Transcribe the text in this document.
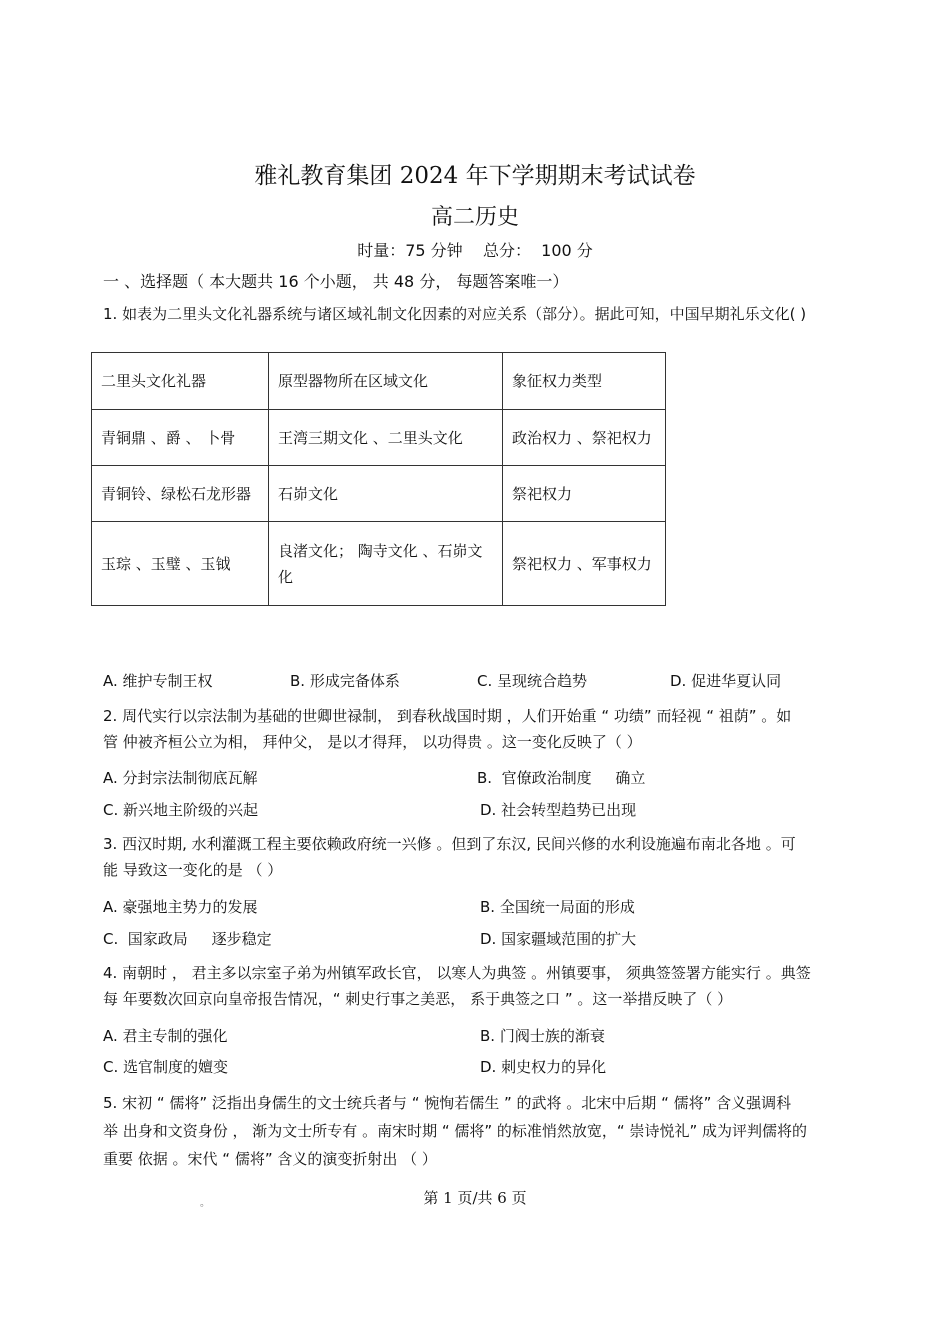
雅礼教育集团 2024 年下学期期末考试试卷
高二历史
时量：75 分钟    总分：  100 分
一 、选择题（ 本大题共 16 个小题， 共 48 分， 每题答案唯一）
1. 如表为二里头文化礼器系统与诸区域礼制文化因素的对应关系（部分）。据此可知，中国早期礼乐文化( )
二里头文化礼器	原型器物所在区域文化	象征权力类型
青铜鼎 、爵 、 卜骨	王湾三期文化 、二里头文化	政治权力 、祭祀权力
青铜铃、绿松石龙形器	石峁文化	祭祀权力
玉琮 、玉璧 、玉钺	良渚文化； 陶寺文化 、石峁文 化	祭祀权力 、军事权力
A. 维护专制王权	B. 形成完备体系	C. 呈现统合趋势	D. 促进华夏认同
2. 周代实行以宗法制为基础的世卿世禄制， 到春秋战国时期 ，人们开始重 “ 功绩” 而轻视 “ 祖荫” 。如
管 仲被齐桓公立为相， 拜仲父， 是以才得拜， 以功得贵 。这一变化反映了（ ）
A. 分封宗法制彻底瓦解	B.  官僚政治制度     确立
C. 新兴地主阶级的兴起	D. 社会转型趋势已出现
3. 西汉时期, 水利灌溉工程主要依赖政府统一兴修 。但到了东汉, 民间兴修的水利设施遍布南北各地 。可
能 导致这一变化的是 （ ）
A. 豪强地主势力的发展	B. 全国统一局面的形成
C.  国家政局     逐步稳定	D. 国家疆域范围的扩大
4. 南朝时 ， 君主多以宗室子弟为州镇军政长官， 以寒人为典签 。州镇要事， 须典签签署方能实行 。典签
每 年要数次回京向皇帝报告情况，“ 刺史行事之美恶， 系于典签之口 ” 。这一举措反映了（ ）
A. 君主专制的强化	B. 门阀士族的渐衰
C. 选官制度的嬗变	D. 刺史权力的异化
5. 宋初 “ 儒将” 泛指出身儒生的文士统兵者与 “ 惋恂若儒生 ” 的武将 。北宋中后期 “ 儒将” 含义强调科
举 出身和文资身份 ， 渐为文士所专有 。南宋时期 “ 儒将” 的标准悄然放宽，“ 崇诗悦礼” 成为评判儒将的
重要 依据 。宋代 “ 儒将” 含义的演变折射出 （ ）
。	第 1 页/共 6 页
